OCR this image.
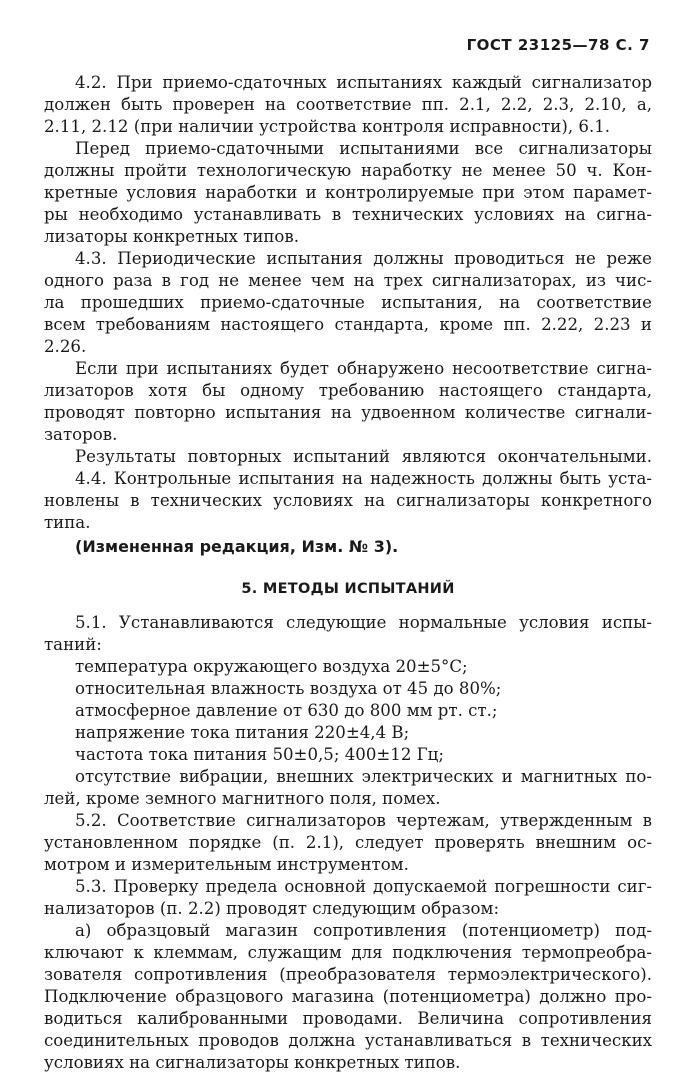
ГОСТ 23125—78 С. 7
4.2. При приемо-сдаточных испытаниях каждый сигнализатор
должен быть проверен на соответствие пп. 2.1, 2.2, 2.3, 2.10, а,
2.11, 2.12 (при наличии устройства контроля исправности), 6.1.
Перед приемо-сдаточными испытаниями все сигнализаторы
должны пройти технологическую наработку не менее 50 ч. Кон-
кретные условия наработки и контролируемые при этом парамет-
ры необходимо устанавливать в технических условиях на сигна-
лизаторы конкретных типов.
4.3. Периодические испытания должны проводиться не реже
одного раза в год не менее чем на трех сигнализаторах, из чис-
ла прошедших приемо-сдаточные испытания, на соответствие
всем требованиям настоящего стандарта, кроме пп. 2.22, 2.23 и
2.26.
Если при испытаниях будет обнаружено несоответствие сигна-
лизаторов хотя бы одному требованию настоящего стандарта,
проводят повторно испытания на удвоенном количестве сигнали-
заторов.
Результаты повторных испытаний являются окончательными.
4.4. Контрольные испытания на надежность должны быть уста-
новлены в технических условиях на сигнализаторы конкретного
типа.
(Измененная редакция, Изм. № 3).
5. МЕТОДЫ ИСПЫТАНИЙ
5.1. Устанавливаются следующие нормальные условия испы-
таний:
температура окружающего воздуха 20±5°С;
относительная влажность воздуха от 45 до 80%;
атмосферное давление от 630 до 800 мм рт. ст.;
напряжение тока питания 220±4,4 В;
частота тока питания 50±0,5; 400±12 Гц;
отсутствие вибрации, внешних электрических и магнитных по-
лей, кроме земного магнитного поля, помех.
5.2. Соответствие сигнализаторов чертежам, утвержденным в
установленном порядке (п. 2.1), следует проверять внешним ос-
мотром и измерительным инструментом.
5.3. Проверку предела основной допускаемой погрешности сиг-
нализаторов (п. 2.2) проводят следующим образом:
а) образцовый магазин сопротивления (потенциометр) под-
ключают к клеммам, служащим для подключения термопреобра-
зователя сопротивления (преобразователя термоэлектрического).
Подключение образцового магазина (потенциометра) должно про-
водиться калиброванными проводами. Величина сопротивления
соединительных проводов должна устанавливаться в технических
условиях на сигнализаторы конкретных типов.
